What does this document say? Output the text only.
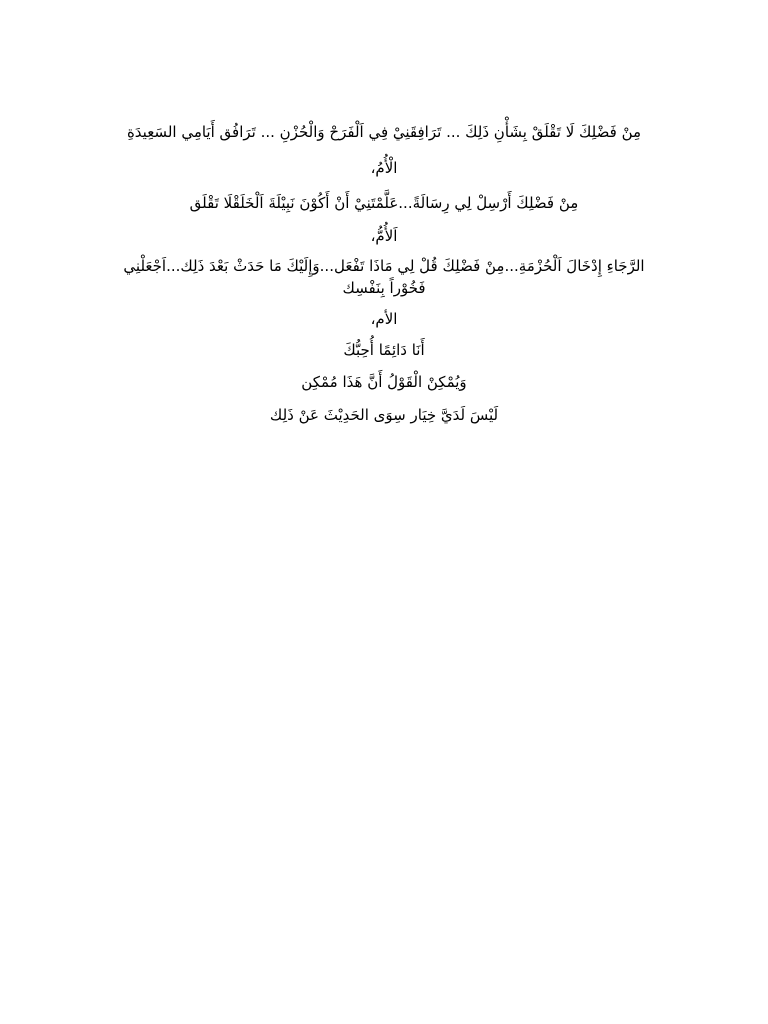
مِنْ فَضْلِكَ لَا تَقْلَقْ بِشَأْنِ ذَلِكَ ... تَرَافِقَنِيْ فِي اَلْفَرَحْ وَالْحُزْنِ ... تَرَافُق أَيَامِي السَعِيدَةِ

الْأُمُ،

مِنْ فَضْلِكَ أَرْسِلْ لِي رِسَالَةً...عَلَّمْتَنِيْ أَنْ أَكُوْنَ نَبِيْلَةَ اَلْخَلَقْلَا تَقْلَق

اَلأُمُّ،

الرَّجَاءِ إِدْخَالَ اَلْحُزْمَةِ...مِنْ فَضْلِكَ قُلْ لِي مَاذَا تَفْعَل...وَإِلَيْكَ مَا حَدَثْ بَعْدَ ذَلِك...اَجْعَلْنِي

فَخُوْراً بِنَفْسِك

الأم،

أَنَا دَائِمًا أُحِبُّكَ

وَيُمْكِنْ الْقَوْلُ أَنَّ هَذَا مُمْكِن

لَيْسَ لَدَيَّ خِيَار سِوَى الحَدِيْثَ عَنْ ذَلِك
